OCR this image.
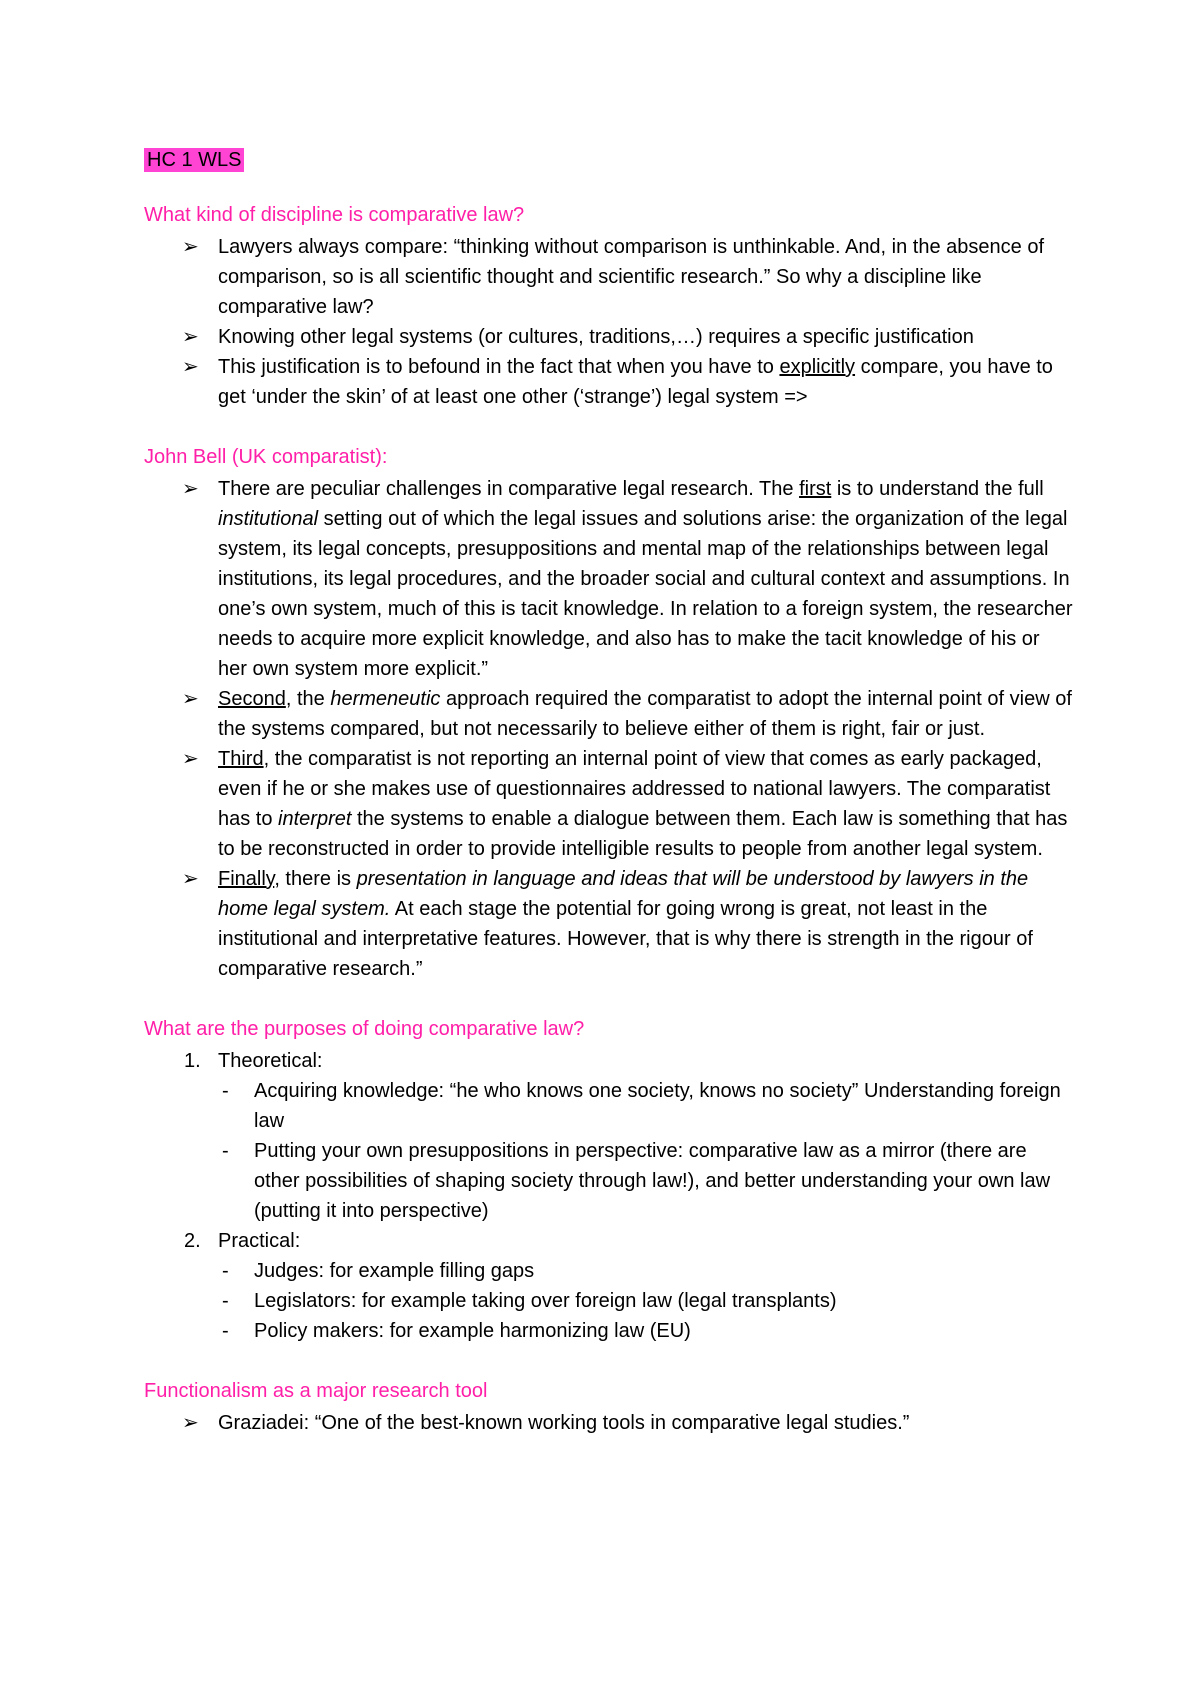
HC 1 WLS
What kind of discipline is comparative law?
➢ Lawyers always compare: “thinking without comparison is unthinkable. And, in the absence of comparison, so is all scientific thought and scientific research.” So why a discipline like comparative law?
➢ Knowing other legal systems (or cultures, traditions,…) requires a specific justification
➢ This justification is to befound in the fact that when you have to explicitly compare, you have to get ‘under the skin’ of at least one other (‘strange’) legal system =>
John Bell (UK comparatist):
➢ There are peculiar challenges in comparative legal research. The first is to understand the full institutional setting out of which the legal issues and solutions arise: the organization of the legal system, its legal concepts, presuppositions and mental map of the relationships between legal institutions, its legal procedures, and the broader social and cultural context and assumptions. In one’s own system, much of this is tacit knowledge. In relation to a foreign system, the researcher needs to acquire more explicit knowledge, and also has to make the tacit knowledge of his or her own system more explicit.”
➢ Second, the hermeneutic approach required the comparatist to adopt the internal point of view of the systems compared, but not necessarily to believe either of them is right, fair or just.
➢ Third, the comparatist is not reporting an internal point of view that comes as early packaged, even if he or she makes use of questionnaires addressed to national lawyers. The comparatist has to interpret the systems to enable a dialogue between them. Each law is something that has to be reconstructed in order to provide intelligible results to people from another legal system.
➢ Finally, there is presentation in language and ideas that will be understood by lawyers in the home legal system. At each stage the potential for going wrong is great, not least in the institutional and interpretative features. However, that is why there is strength in the rigour of comparative research.”
What are the purposes of doing comparative law?
1. Theoretical:
- Acquiring knowledge: “he who knows one society, knows no society” Understanding foreign law
- Putting your own presuppositions in perspective: comparative law as a mirror (there are other possibilities of shaping society through law!), and better understanding your own law (putting it into perspective)
2. Practical:
- Judges: for example filling gaps
- Legislators: for example taking over foreign law (legal transplants)
- Policy makers: for example harmonizing law (EU)
Functionalism as a major research tool
➢ Graziadei: “One of the best-known working tools in comparative legal studies.”
